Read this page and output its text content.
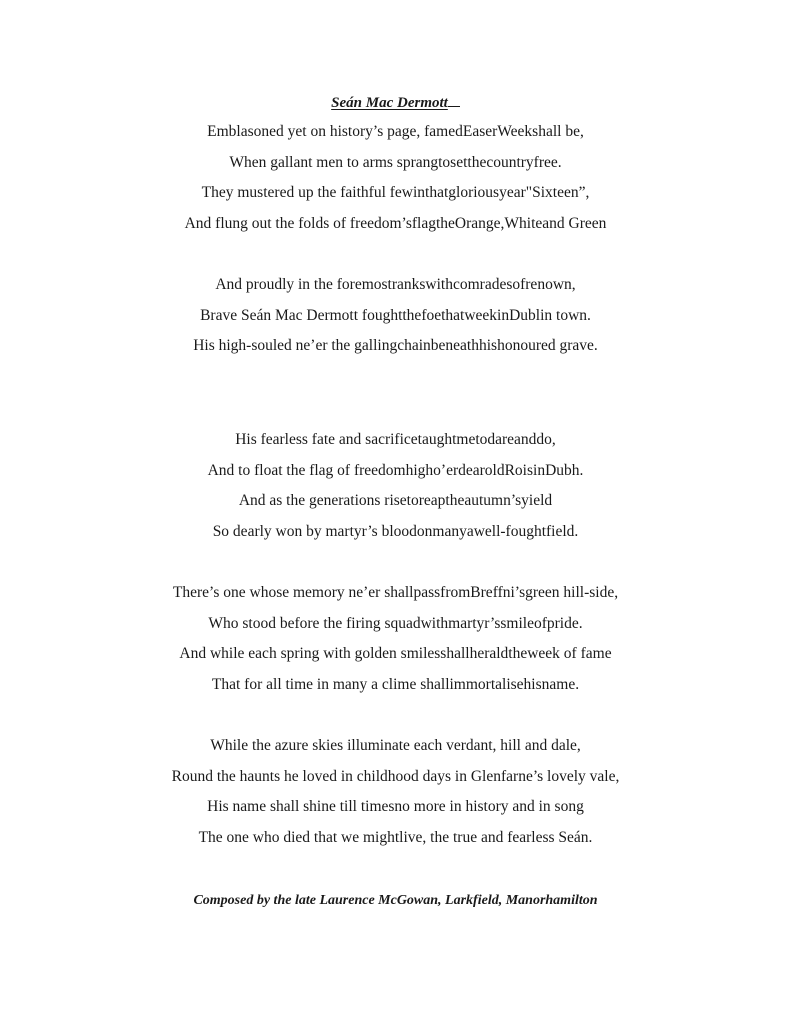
Seán Mac Dermott
Emblasoned yet on history’s page, famedEaserWeekshall be,
When gallant men to arms sprangtosetthecountryfree.
They mustered up the faithful fewinthatgloriousyear"Sixteen”,
And flung out the folds of freedom’sflagtheOrange,Whiteand Green
And proudly in the foremostrankswithcomradesofrenown,
Brave Seán Mac Dermott foughtthefoethatweekinDublin town.
His high-souled ne’er the gallingchainbeneathhishonoured grave.
His fearless fate and sacrificetaughtmetodareanddo,
And to float the flag of freedomhigho’erdearoldRoisinDubh.
And as the generations risetoreaptheautumn’syield
So dearly won by martyr’s bloodonmanyawell-foughtfield.
There’s one whose memory ne’er shallpassfromBreffni’sgreen hill-side,
Who stood before the firing squadwithmartyr’ssmileofpride.
And while each spring with golden smilesshallheraldtheweek of fame
That for all time in many a clime shallimmortalisehisname.
While the azure skies illuminate each verdant, hill and dale,
Round the haunts he loved in childhood days in Glenfarne’s lovely vale,
His name shall shine till timesno more in history and in song
The one who died that we mightlive, the true and fearless Seán.
Composed by the late Laurence McGowan, Larkfield, Manorhamilton
